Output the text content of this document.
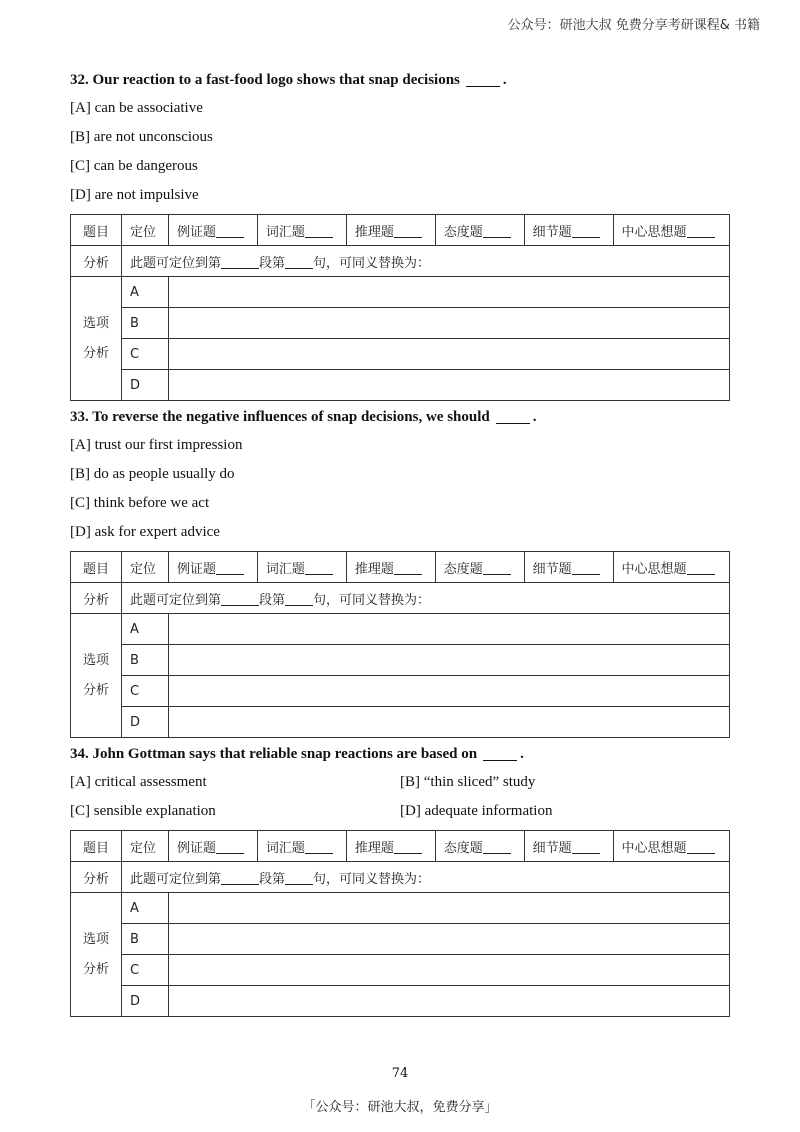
公众号：研池大叔 免费分享考研课程& 书籍

32. Our reaction to a fast-food logo shows that snap decisions	.

[A] can be associative

[B] are not unconscious

[C] can be dangerous

[D] are not impulsive

题目	定位	例证题	词汇题	推理题	态度题	细节题	中心思想题
分析	此题可定位到第 段第 句，可同义替换为：						
选项
分析	A						
	B						
	C						
	D						

33. To reverse the negative influences of snap decisions, we should	.

[A] trust our first impression

[B] do as people usually do

[C] think before we act

[D] ask for expert advice

题目	定位	例证题	词汇题	推理题	态度题	细节题	中心思想题
分析	此题可定位到第 段第 句，可同义替换为：						
选项
分析	A						
	B						
	C						
	D						

34. John Gottman says that reliable snap reactions are based on	.

[A] critical assessment	[B] “thin sliced” study

[C] sensible explanation	[D] adequate information

题目	定位	例证题	词汇题	推理题	态度题	细节题	中心思想题
分析	此题可定位到第 段第 句，可同义替换为：						
选项
分析	A						
	B						
	C						
	D						
74
「公众号：研池大叔，免费分享」
